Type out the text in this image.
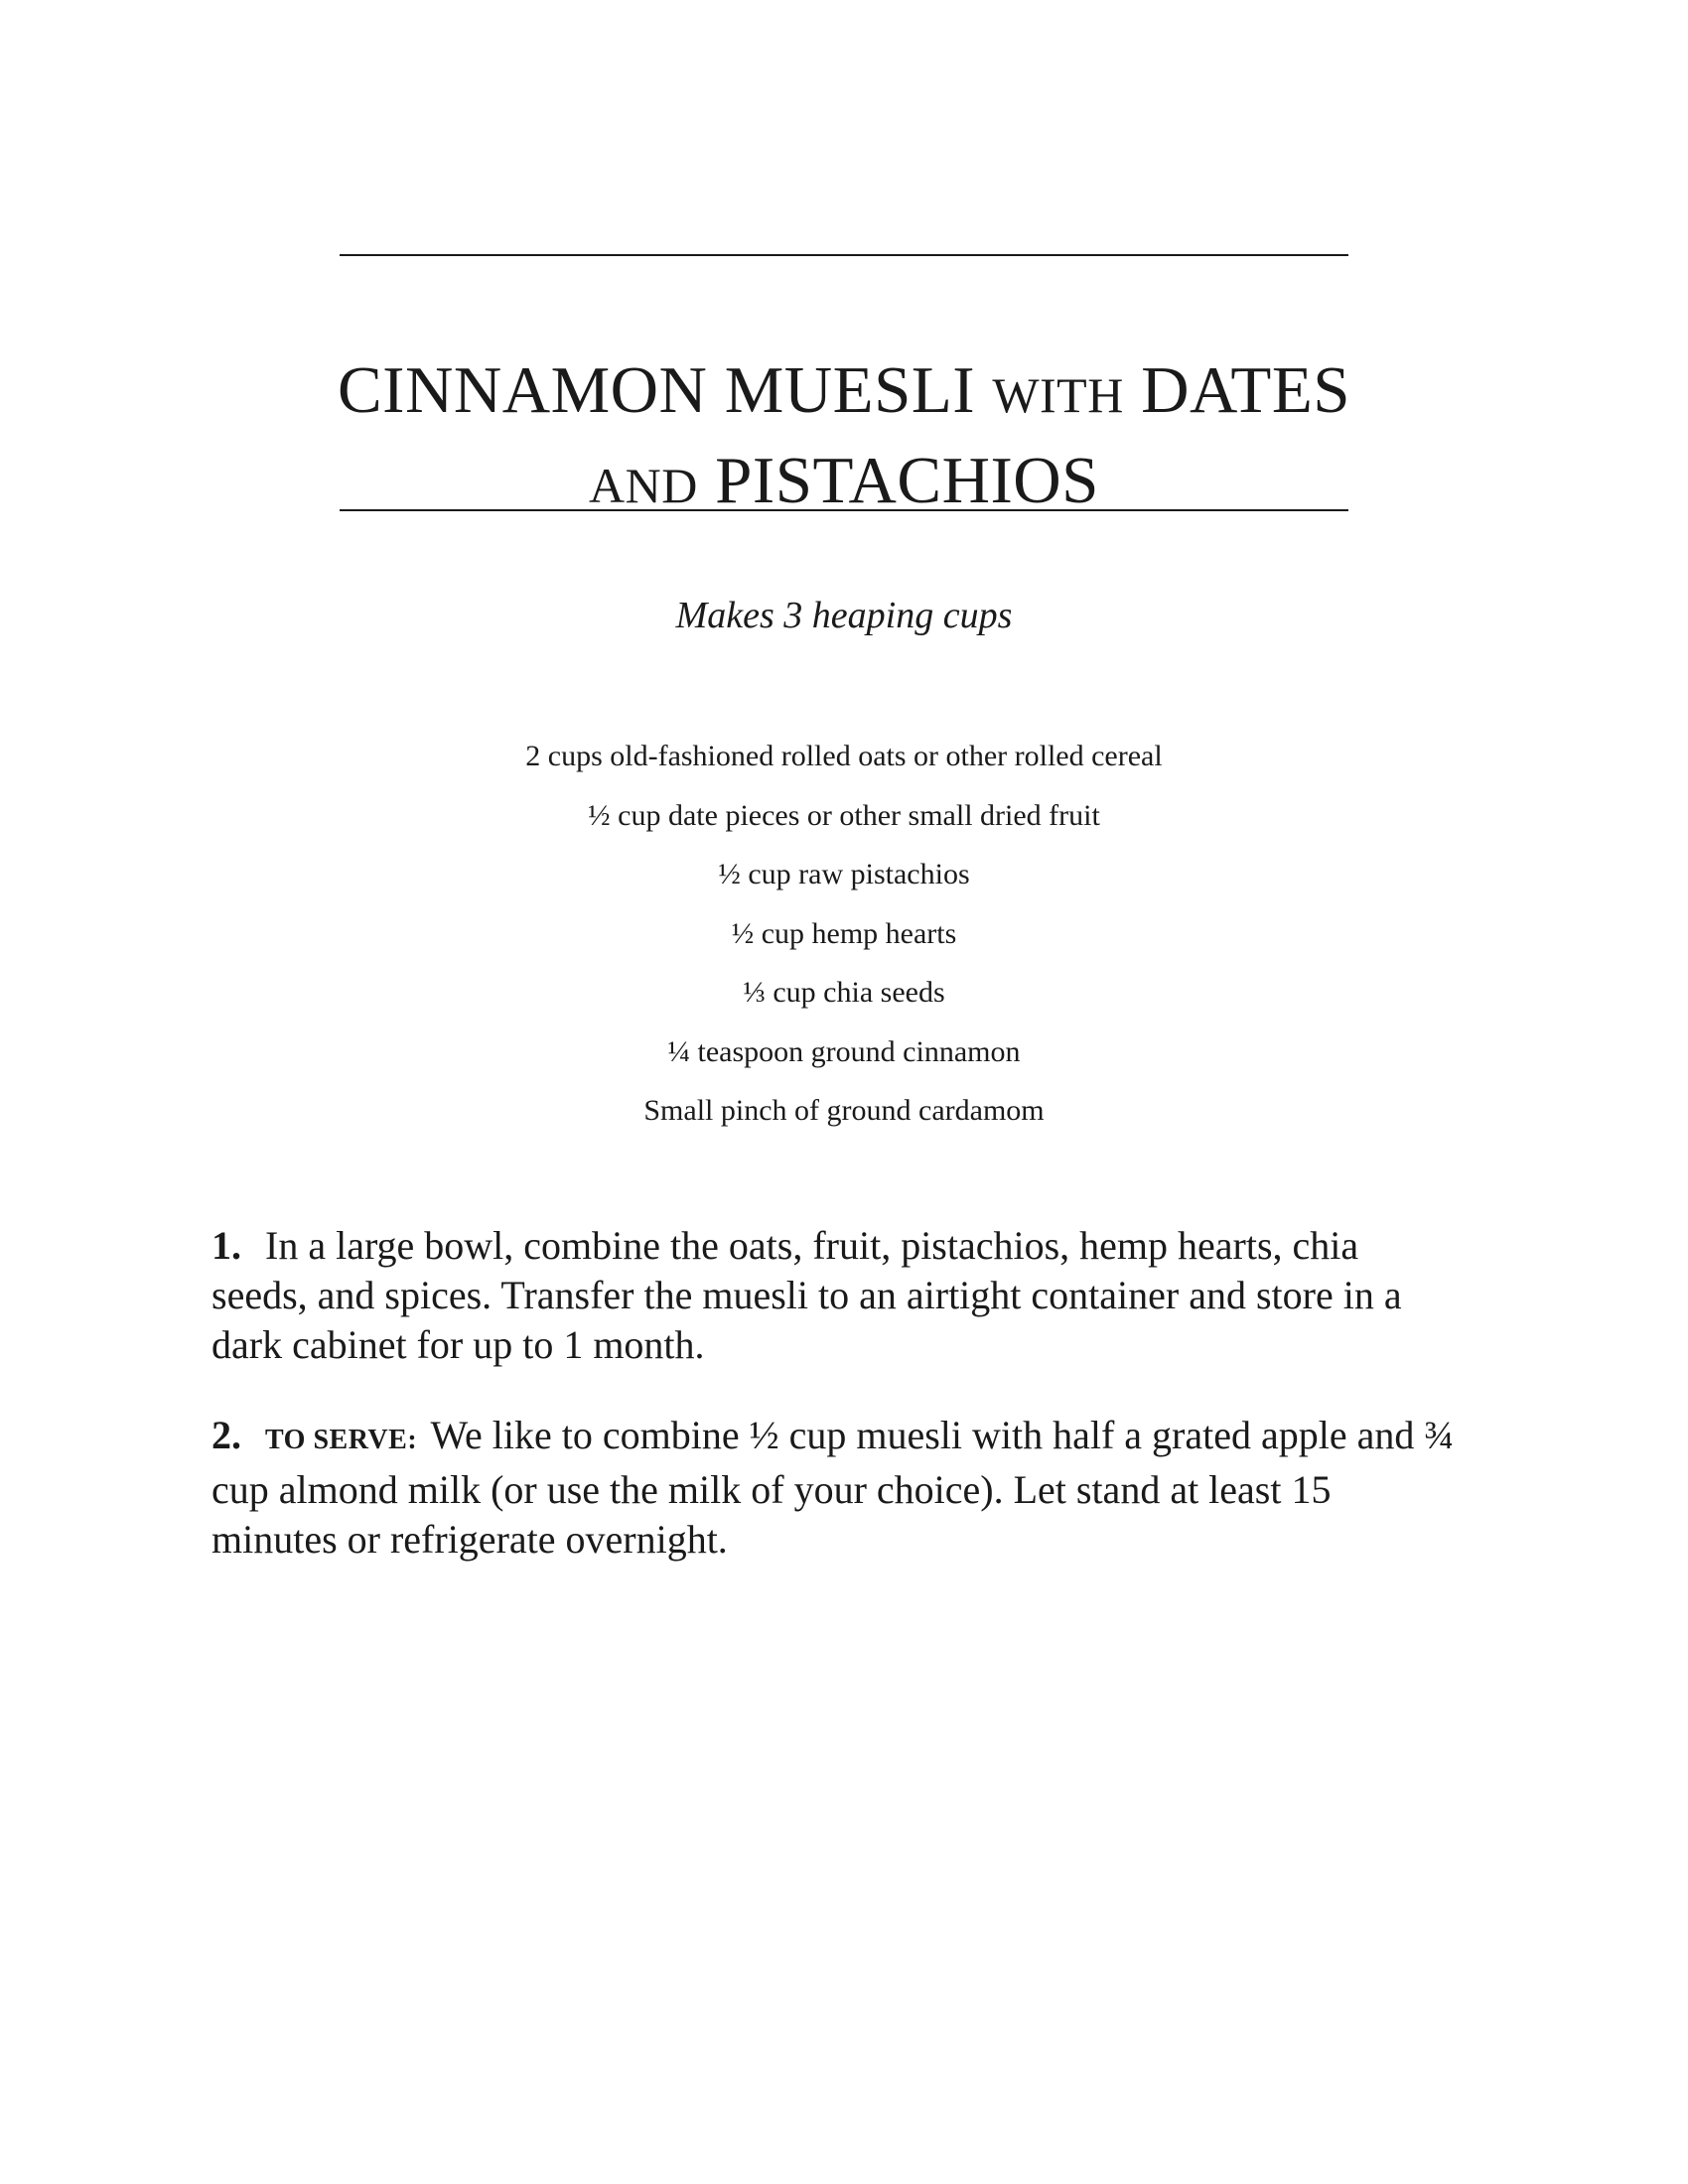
CINNAMON MUESLI WITH DATES
AND PISTACHIOS
Makes 3 heaping cups
2 cups old-fashioned rolled oats or other rolled cereal
½ cup date pieces or other small dried fruit
½ cup raw pistachios
½ cup hemp hearts
⅓ cup chia seeds
¼ teaspoon ground cinnamon
Small pinch of ground cardamom

1. In a large bowl, combine the oats, fruit, pistachios, hemp hearts, chia seeds, and spices. Transfer the muesli to an airtight container and store in a dark cabinet for up to 1 month.

2. TO SERVE: We like to combine ½ cup muesli with half a grated apple and ¾ cup almond milk (or use the milk of your choice). Let stand at least 15 minutes or refrigerate overnight.
